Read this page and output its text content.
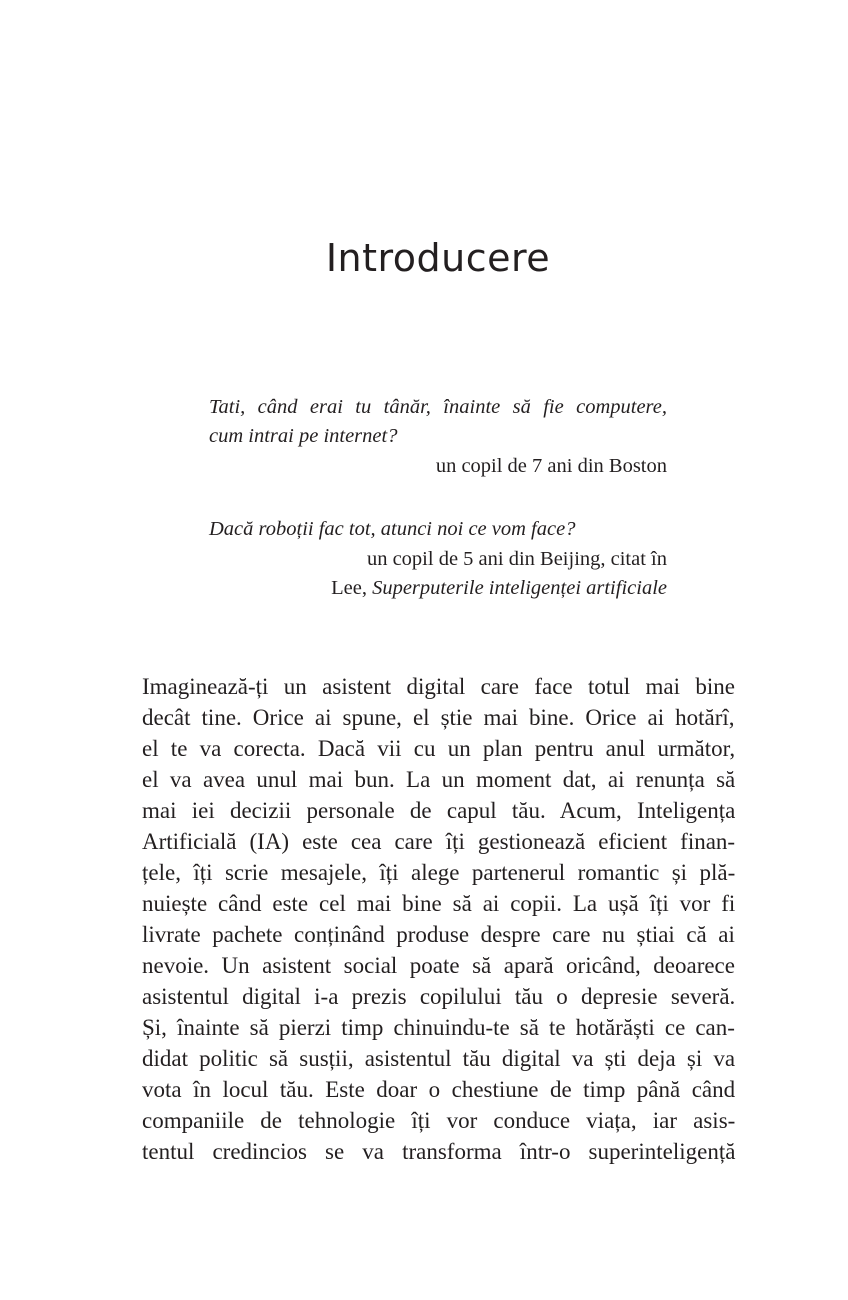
Introducere

Tati, când erai tu tânăr, înainte să fie computere,
cum intrai pe internet?

un copil de 7 ani din Boston

Dacă roboții fac tot, atunci noi ce vom face?

un copil de 5 ani din Beijing, citat în
Lee, Superputerile inteligenței artificiale

Imaginează-ți un asistent digital care face totul mai bine
decât tine. Orice ai spune, el știe mai bine. Orice ai hotărî,
el te va corecta. Dacă vii cu un plan pentru anul următor,
el va avea unul mai bun. La un moment dat, ai renunța să
mai iei decizii personale de capul tău. Acum, Inteligența
Artificială (IA) este cea care îți gestionează eficient finan-
țele, îți scrie mesajele, îți alege partenerul romantic și plă-
nuiește când este cel mai bine să ai copii. La ușă îți vor fi
livrate pachete conținând produse despre care nu știai că ai
nevoie. Un asistent social poate să apară oricând, deoarece
asistentul digital i-a prezis copilului tău o depresie severă.
Și, înainte să pierzi timp chinuindu-te să te hotărăști ce can-
didat politic să susții, asistentul tău digital va ști deja și va
vota în locul tău. Este doar o chestiune de timp până când
companiile de tehnologie îți vor conduce viața, iar asis-
tentul credincios se va transforma într-o superinteligență
